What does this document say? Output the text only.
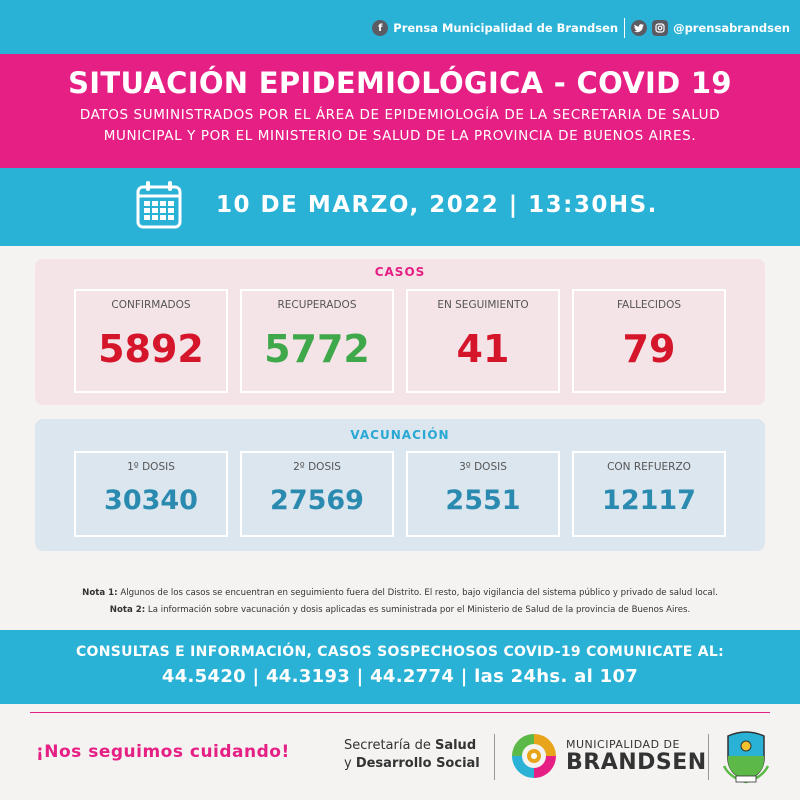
f Prensa Municipalidad de Brandsen	@prensabrandsen
SITUACIÓN EPIDEMIOLÓGICA - COVID 19
DATOS SUMINISTRADOS POR EL ÁREA DE EPIDEMIOLOGÍA DE LA SECRETARIA DE SALUD MUNICIPAL Y POR EL MINISTERIO DE SALUD DE LA PROVINCIA DE BUENOS AIRES.
10 DE MARZO, 2022 | 13:30HS.
CASOS
CONFIRMADOS
5892
RECUPERADOS
5772
EN SEGUIMIENTO
41
FALLECIDOS
79
VACUNACIÓN
1º DOSIS
30340
2º DOSIS
27569
3º DOSIS
2551
CON REFUERZO
12117
Nota 1: Algunos de los casos se encuentran en seguimiento fuera del Distrito. El resto, bajo vigilancia del sistema público y privado de salud local.
Nota 2: La información sobre vacunación y dosis aplicadas es suministrada por el Ministerio de Salud de la provincia de Buenos Aires.
CONSULTAS E INFORMACIÓN, CASOS SOSPECHOSOS COVID-19 COMUNICATE AL:
44.5420 | 44.3193 | 44.2774 | las 24hs. al 107
¡Nos seguimos cuidando!	Secretaría de Salud
y Desarrollo Social
MUNICIPALIDAD DE
BRANDSEN
